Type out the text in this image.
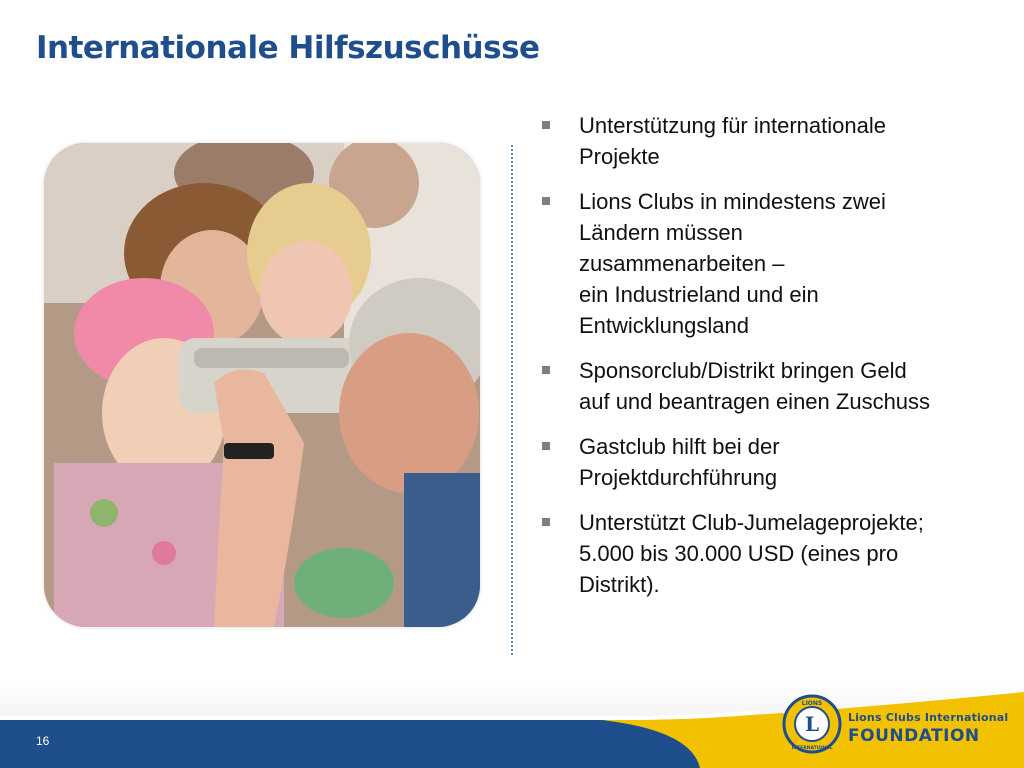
Internationale Hilfszuschüsse
Unterstützung für internationale
Projekte
Lions Clubs in mindestens zwei
Ländern müssen
zusammenarbeiten –
ein Industrieland und ein
Entwicklungsland
Sponsorclub/Distrikt bringen Geld
auf und beantragen einen Zuschuss
Gastclub hilft bei der
Projektdurchführung
Unterstützt Club-Jumelageprojekte;
5.000 bis 30.000 USD (eines pro
Distrikt).
16
L
LIONS
INTERNATIONAL
Lions Clubs International
FOUNDATION
